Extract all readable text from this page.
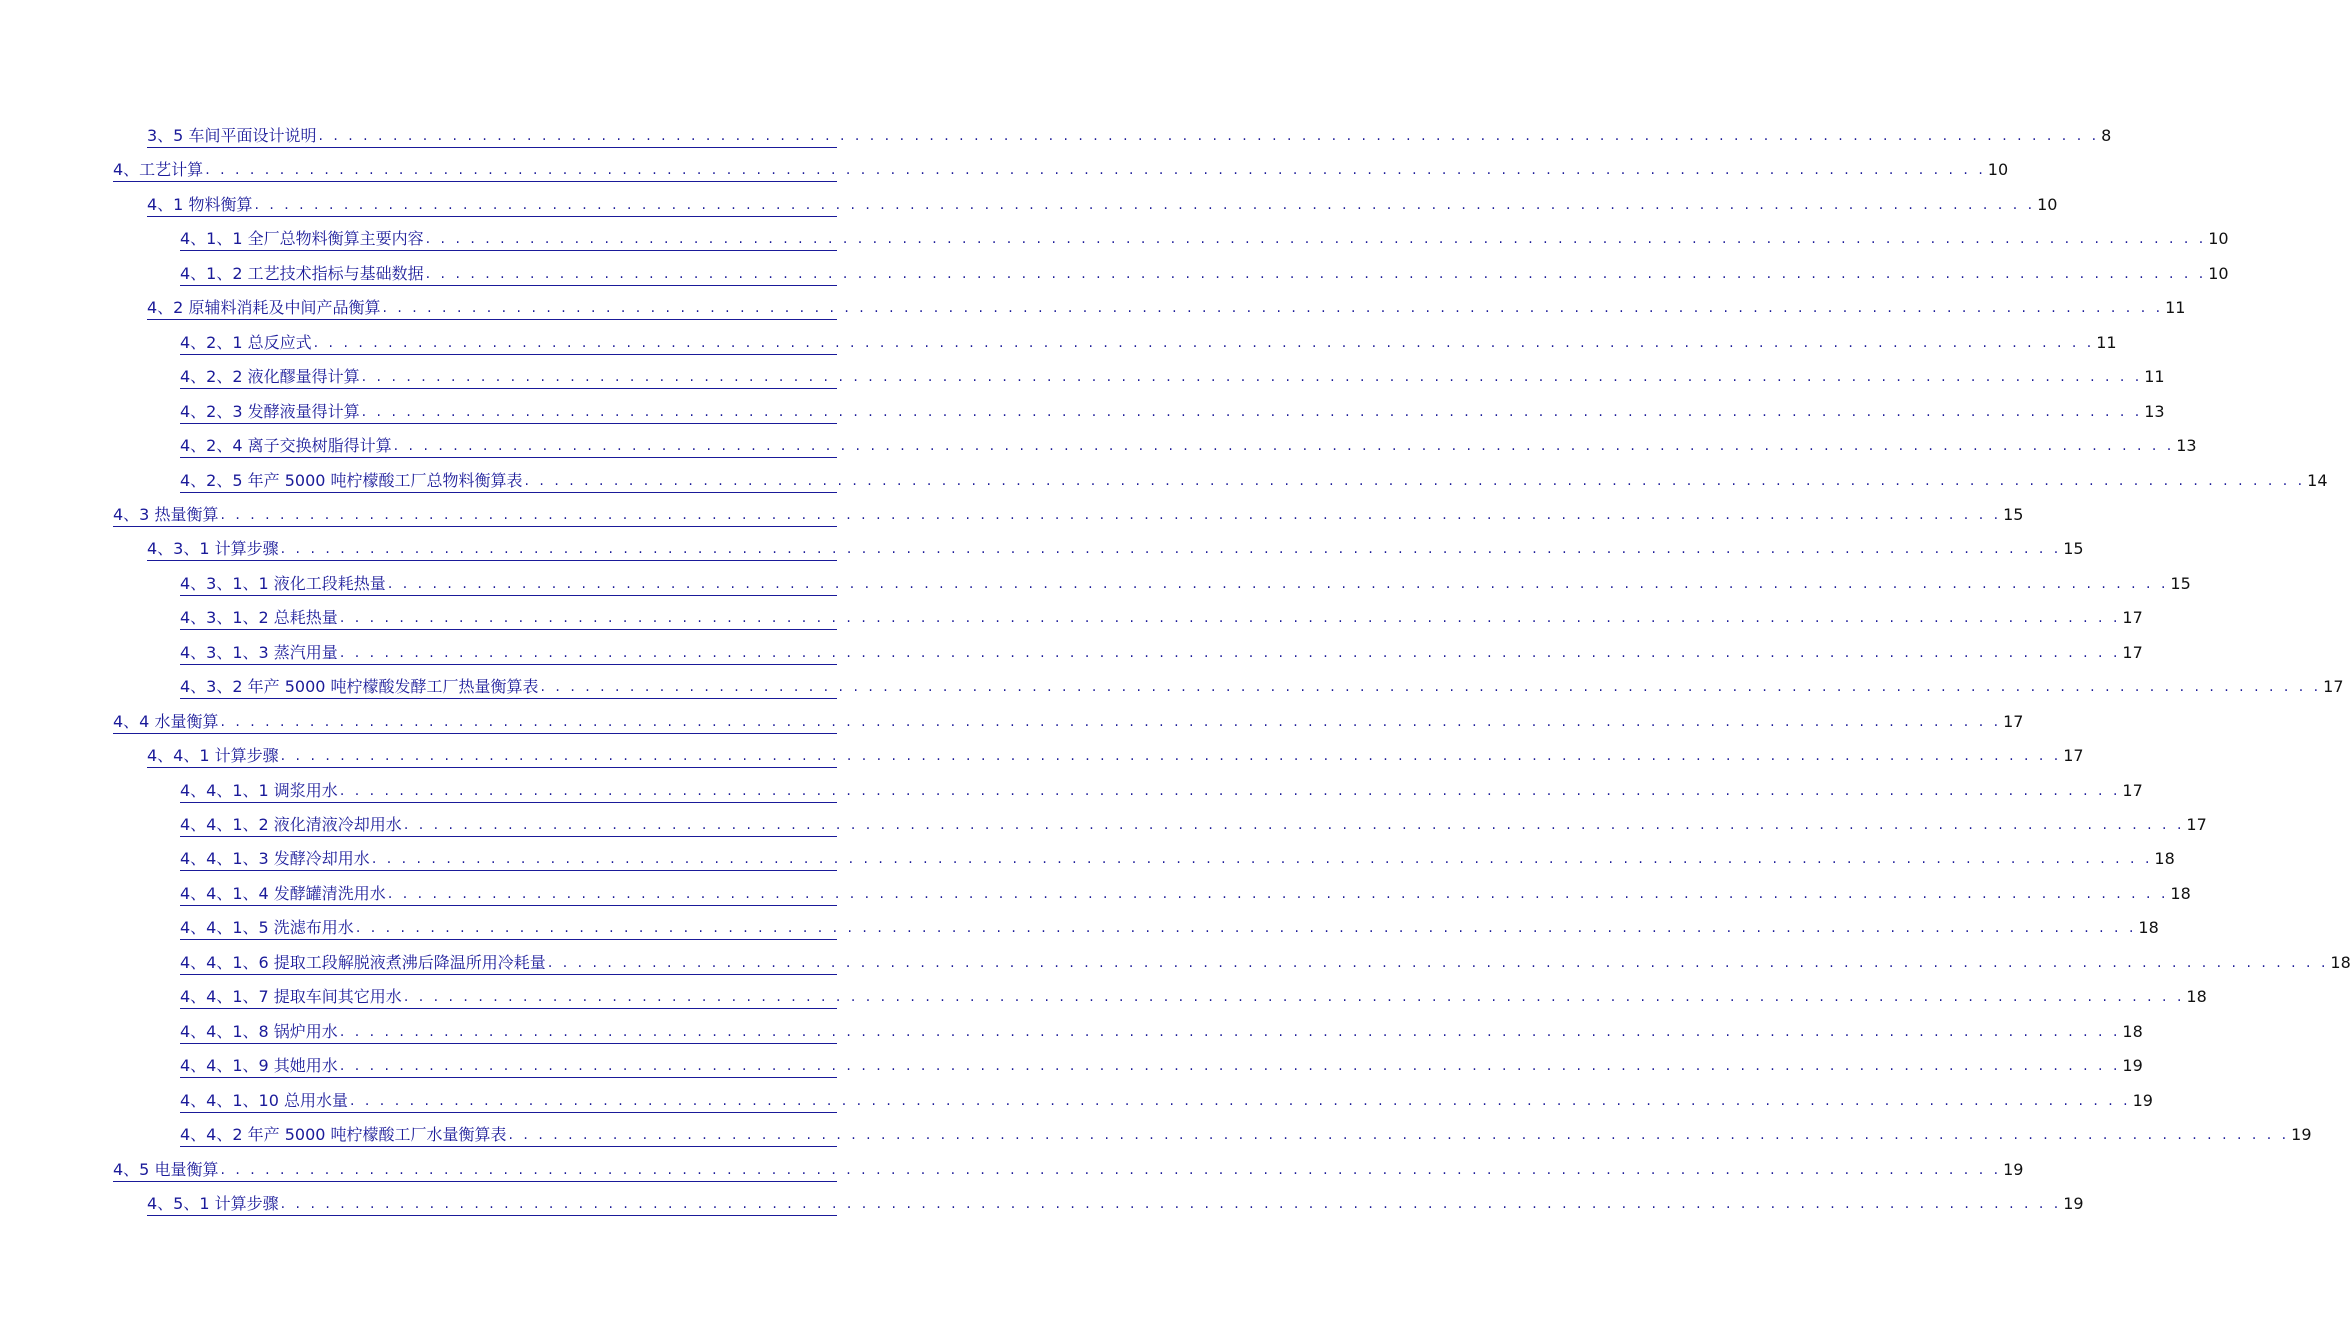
3、5 车间平面设计说明 . . . . . . . . . . . . . . . . . . . . . . . . . . . . . . . . . . . . . . . . . . . . . . . . . . . . . . . . . . . . . . . . . . . . . . . . . . . . . . . . . . . . . . . . . . . . . . . . . . . . . . . . . . . . . . . . . . . . . . . . 8
4、工艺计算 . . . . . . . . . . . . . . . . . . . . . . . . . . . . . . . . . . . . . . . . . . . . . . . . . . . . . . . . . . . . . . . . . . . . . . . . . . . . . . . . . . . . . . . . . . . . . . . . . . . . . . . . . . . . . . . . . . . . . . . . 10
4、1 物料衡算 . . . . . . . . . . . . . . . . . . . . . . . . . . . . . . . . . . . . . . . . . . . . . . . . . . . . . . . . . . . . . . . . . . . . . . . . . . . . . . . . . . . . . . . . . . . . . . . . . . . . . . . . . . . . . . . . . . . . . . . . 10
4、1、1 全厂总物料衡算主要内容 . . . . . . . . . . . . . . . . . . . . . . . . . . . . . . . . . . . . . . . . . . . . . . . . . . . . . . . . . . . . . . . . . . . . . . . . . . . . . . . . . . . . . . . . . . . . . . . . . . . . . . . . . . . . . . . . . . . . . . . . 10
4、1、2 工艺技术指标与基础数据 . . . . . . . . . . . . . . . . . . . . . . . . . . . . . . . . . . . . . . . . . . . . . . . . . . . . . . . . . . . . . . . . . . . . . . . . . . . . . . . . . . . . . . . . . . . . . . . . . . . . . . . . . . . . . . . . . . . . . . . . 10
4、2 原辅料消耗及中间产品衡算 . . . . . . . . . . . . . . . . . . . . . . . . . . . . . . . . . . . . . . . . . . . . . . . . . . . . . . . . . . . . . . . . . . . . . . . . . . . . . . . . . . . . . . . . . . . . . . . . . . . . . . . . . . . . . . . . . . . . . . . . 11
4、2、1 总反应式 . . . . . . . . . . . . . . . . . . . . . . . . . . . . . . . . . . . . . . . . . . . . . . . . . . . . . . . . . . . . . . . . . . . . . . . . . . . . . . . . . . . . . . . . . . . . . . . . . . . . . . . . . . . . . . . . . . . . . . . . 11
4、2、2 液化醪量得计算 . . . . . . . . . . . . . . . . . . . . . . . . . . . . . . . . . . . . . . . . . . . . . . . . . . . . . . . . . . . . . . . . . . . . . . . . . . . . . . . . . . . . . . . . . . . . . . . . . . . . . . . . . . . . . . . . . . . . . . . . 11
4、2、3 发酵液量得计算 . . . . . . . . . . . . . . . . . . . . . . . . . . . . . . . . . . . . . . . . . . . . . . . . . . . . . . . . . . . . . . . . . . . . . . . . . . . . . . . . . . . . . . . . . . . . . . . . . . . . . . . . . . . . . . . . . . . . . . . . 13
4、2、4 离子交换树脂得计算 . . . . . . . . . . . . . . . . . . . . . . . . . . . . . . . . . . . . . . . . . . . . . . . . . . . . . . . . . . . . . . . . . . . . . . . . . . . . . . . . . . . . . . . . . . . . . . . . . . . . . . . . . . . . . . . . . . . . . . . . 13
4、2、5 年产 5000 吨柠檬酸工厂总物料衡算表 . . . . . . . . . . . . . . . . . . . . . . . . . . . . . . . . . . . . . . . . . . . . . . . . . . . . . . . . . . . . . . . . . . . . . . . . . . . . . . . . . . . . . . . . . . . . . . . . . . . . . . . . . . . . . . . . . . . . . . . . 14
4、3 热量衡算 . . . . . . . . . . . . . . . . . . . . . . . . . . . . . . . . . . . . . . . . . . . . . . . . . . . . . . . . . . . . . . . . . . . . . . . . . . . . . . . . . . . . . . . . . . . . . . . . . . . . . . . . . . . . . . . . . . . . . . . . 15
4、3、1 计算步骤 . . . . . . . . . . . . . . . . . . . . . . . . . . . . . . . . . . . . . . . . . . . . . . . . . . . . . . . . . . . . . . . . . . . . . . . . . . . . . . . . . . . . . . . . . . . . . . . . . . . . . . . . . . . . . . . . . . . . . . . . 15
4、3、1、1 液化工段耗热量 . . . . . . . . . . . . . . . . . . . . . . . . . . . . . . . . . . . . . . . . . . . . . . . . . . . . . . . . . . . . . . . . . . . . . . . . . . . . . . . . . . . . . . . . . . . . . . . . . . . . . . . . . . . . . . . . . . . . . . . . 15
4、3、1、2 总耗热量 . . . . . . . . . . . . . . . . . . . . . . . . . . . . . . . . . . . . . . . . . . . . . . . . . . . . . . . . . . . . . . . . . . . . . . . . . . . . . . . . . . . . . . . . . . . . . . . . . . . . . . . . . . . . . . . . . . . . . . . . 17
4、3、1、3 蒸汽用量 . . . . . . . . . . . . . . . . . . . . . . . . . . . . . . . . . . . . . . . . . . . . . . . . . . . . . . . . . . . . . . . . . . . . . . . . . . . . . . . . . . . . . . . . . . . . . . . . . . . . . . . . . . . . . . . . . . . . . . . . 17
4、3、2 年产 5000 吨柠檬酸发酵工厂热量衡算表 . . . . . . . . . . . . . . . . . . . . . . . . . . . . . . . . . . . . . . . . . . . . . . . . . . . . . . . . . . . . . . . . . . . . . . . . . . . . . . . . . . . . . . . . . . . . . . . . . . . . . . . . . . . . . . . . . . . . . . . . 17
4、4 水量衡算 . . . . . . . . . . . . . . . . . . . . . . . . . . . . . . . . . . . . . . . . . . . . . . . . . . . . . . . . . . . . . . . . . . . . . . . . . . . . . . . . . . . . . . . . . . . . . . . . . . . . . . . . . . . . . . . . . . . . . . . . 17
4、4、1 计算步骤 . . . . . . . . . . . . . . . . . . . . . . . . . . . . . . . . . . . . . . . . . . . . . . . . . . . . . . . . . . . . . . . . . . . . . . . . . . . . . . . . . . . . . . . . . . . . . . . . . . . . . . . . . . . . . . . . . . . . . . . . 17
4、4、1、1 调浆用水 . . . . . . . . . . . . . . . . . . . . . . . . . . . . . . . . . . . . . . . . . . . . . . . . . . . . . . . . . . . . . . . . . . . . . . . . . . . . . . . . . . . . . . . . . . . . . . . . . . . . . . . . . . . . . . . . . . . . . . . . 17
4、4、1、2 液化清液冷却用水 . . . . . . . . . . . . . . . . . . . . . . . . . . . . . . . . . . . . . . . . . . . . . . . . . . . . . . . . . . . . . . . . . . . . . . . . . . . . . . . . . . . . . . . . . . . . . . . . . . . . . . . . . . . . . . . . . . . . . . . . 17
4、4、1、3 发酵冷却用水 . . . . . . . . . . . . . . . . . . . . . . . . . . . . . . . . . . . . . . . . . . . . . . . . . . . . . . . . . . . . . . . . . . . . . . . . . . . . . . . . . . . . . . . . . . . . . . . . . . . . . . . . . . . . . . . . . . . . . . . . 18
4、4、1、4 发酵罐清洗用水 . . . . . . . . . . . . . . . . . . . . . . . . . . . . . . . . . . . . . . . . . . . . . . . . . . . . . . . . . . . . . . . . . . . . . . . . . . . . . . . . . . . . . . . . . . . . . . . . . . . . . . . . . . . . . . . . . . . . . . . . 18
4、4、1、5 洗滤布用水 . . . . . . . . . . . . . . . . . . . . . . . . . . . . . . . . . . . . . . . . . . . . . . . . . . . . . . . . . . . . . . . . . . . . . . . . . . . . . . . . . . . . . . . . . . . . . . . . . . . . . . . . . . . . . . . . . . . . . . . . 18
4、4、1、6 提取工段解脱液煮沸后降温所用冷耗量 . . . . . . . . . . . . . . . . . . . . . . . . . . . . . . . . . . . . . . . . . . . . . . . . . . . . . . . . . . . . . . . . . . . . . . . . . . . . . . . . . . . . . . . . . . . . . . . . . . . . . . . . . . . . . . . . . . . . . . . . 18
4、4、1、7 提取车间其它用水 . . . . . . . . . . . . . . . . . . . . . . . . . . . . . . . . . . . . . . . . . . . . . . . . . . . . . . . . . . . . . . . . . . . . . . . . . . . . . . . . . . . . . . . . . . . . . . . . . . . . . . . . . . . . . . . . . . . . . . . . 18
4、4、1、8 锅炉用水 . . . . . . . . . . . . . . . . . . . . . . . . . . . . . . . . . . . . . . . . . . . . . . . . . . . . . . . . . . . . . . . . . . . . . . . . . . . . . . . . . . . . . . . . . . . . . . . . . . . . . . . . . . . . . . . . . . . . . . . . 18
4、4、1、9 其她用水 . . . . . . . . . . . . . . . . . . . . . . . . . . . . . . . . . . . . . . . . . . . . . . . . . . . . . . . . . . . . . . . . . . . . . . . . . . . . . . . . . . . . . . . . . . . . . . . . . . . . . . . . . . . . . . . . . . . . . . . . 19
4、4、1、10 总用水量 . . . . . . . . . . . . . . . . . . . . . . . . . . . . . . . . . . . . . . . . . . . . . . . . . . . . . . . . . . . . . . . . . . . . . . . . . . . . . . . . . . . . . . . . . . . . . . . . . . . . . . . . . . . . . . . . . . . . . . . . 19
4、4、2 年产 5000 吨柠檬酸工厂水量衡算表 . . . . . . . . . . . . . . . . . . . . . . . . . . . . . . . . . . . . . . . . . . . . . . . . . . . . . . . . . . . . . . . . . . . . . . . . . . . . . . . . . . . . . . . . . . . . . . . . . . . . . . . . . . . . . . . . . . . . . . . . 19
4、5 电量衡算 . . . . . . . . . . . . . . . . . . . . . . . . . . . . . . . . . . . . . . . . . . . . . . . . . . . . . . . . . . . . . . . . . . . . . . . . . . . . . . . . . . . . . . . . . . . . . . . . . . . . . . . . . . . . . . . . . . . . . . . . 19
4、5、1 计算步骤 . . . . . . . . . . . . . . . . . . . . . . . . . . . . . . . . . . . . . . . . . . . . . . . . . . . . . . . . . . . . . . . . . . . . . . . . . . . . . . . . . . . . . . . . . . . . . . . . . . . . . . . . . . . . . . . . . . . . . . . . 19
